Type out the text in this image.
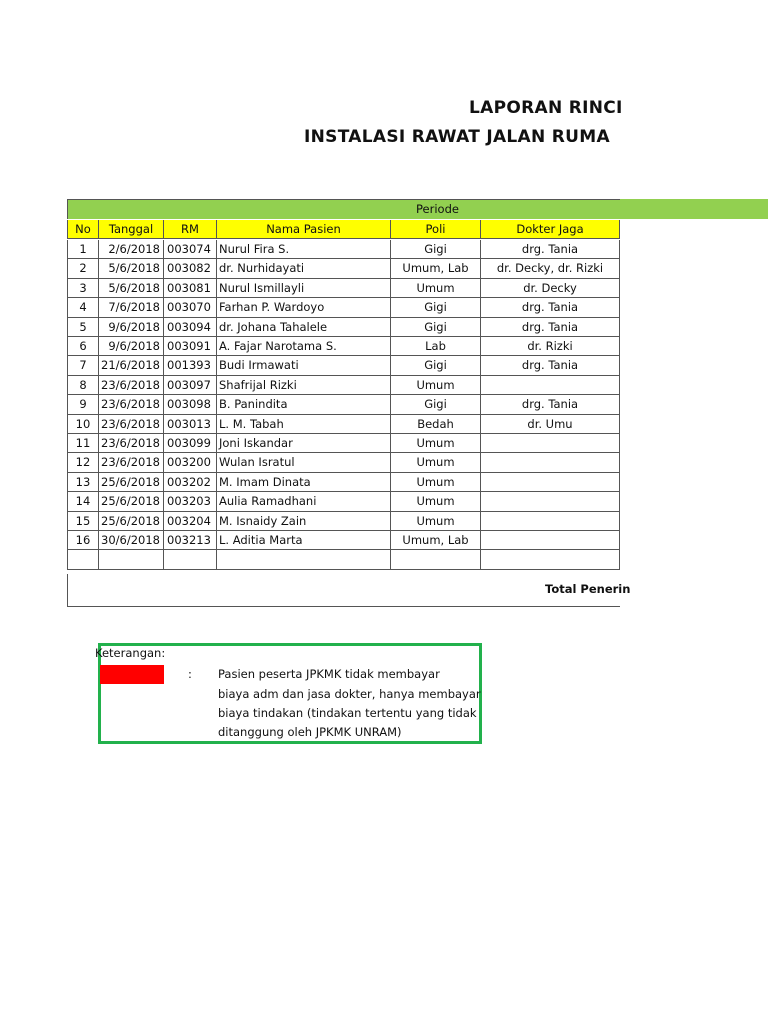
LAPORAN RINCI
INSTALASI RAWAT JALAN RUMA
Periode
No	Tanggal	RM	Nama Pasien	Poli	Dokter Jaga
1	2/6/2018 003074 Nurul Fira S.	Gigi	drg. Tania
2	5/6/2018 003082 dr. Nurhidayati	Umum, Lab	dr. Decky, dr. Rizki
3	5/6/2018 003081 Nurul Ismillayli	Umum	dr. Decky
4	7/6/2018 003070 Farhan P. Wardoyo	Gigi	drg. Tania
5	9/6/2018 003094 dr. Johana Tahalele	Gigi	drg. Tania
6	9/6/2018 003091 A. Fajar Narotama S.	Lab	dr. Rizki
7	21/6/2018 001393 Budi Irmawati	Gigi	drg. Tania
8	23/6/2018 003097 Shafrijal Rizki	Umum
9	23/6/2018 003098 B. Panindita	Gigi	drg. Tania
10 23/6/2018 003013 L. M. Tabah	Bedah	dr. Umu
11 23/6/2018 003099 Joni Iskandar	Umum
12 23/6/2018 003200 Wulan Isratul	Umum
13 25/6/2018 003202 M. Imam Dinata	Umum
14 25/6/2018 003203 Aulia Ramadhani	Umum
15 25/6/2018 003204 M. Isnaidy Zain	Umum
16 30/6/2018 003213 L. Aditia Marta	Umum, Lab
Total Penerin
Keterangan:
: Pasien peserta JPKMK tidak membayar
biaya adm dan jasa dokter, hanya membayar
biaya tindakan (tindakan tertentu yang tidak
ditanggung oleh JPKMK UNRAM)
